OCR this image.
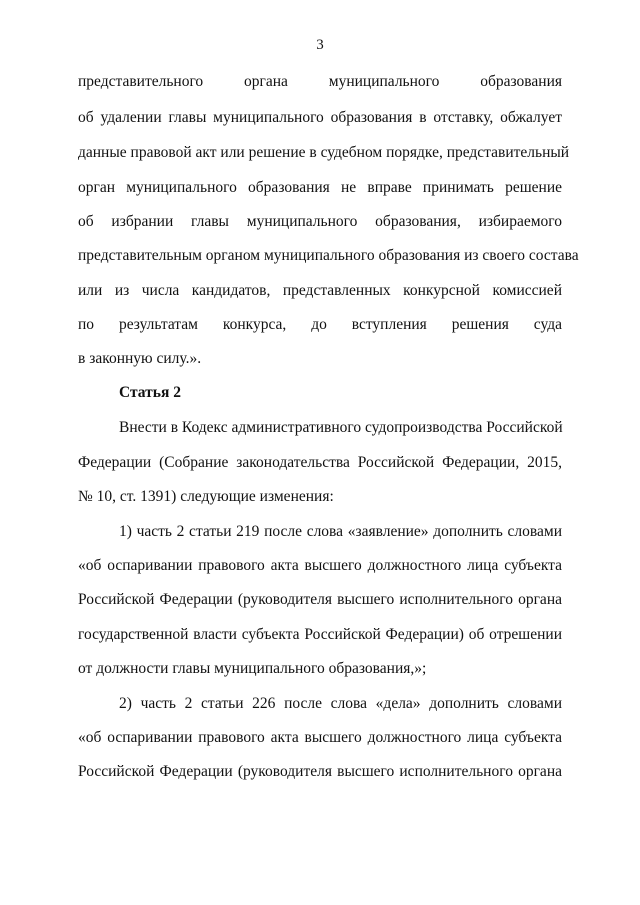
3
представительного органа муниципального образования
об удалении главы муниципального образования в отставку, обжалует
данные правовой акт или решение в судебном порядке, представительный
орган муниципального образования не вправе принимать решение
об избрании главы муниципального образования, избираемого
представительным органом муниципального образования из своего состава
или из числа кандидатов, представленных конкурсной комиссией
по результатам конкурса, до вступления решения суда
в законную силу.».
Статья 2
Внести в Кодекс административного судопроизводства Российской
Федерации (Собрание законодательства Российской Федерации, 2015,
№ 10, ст. 1391) следующие изменения:
1) часть 2 статьи 219 после слова «заявление» дополнить словами
«об оспаривании правового акта высшего должностного лица субъекта
Российской Федерации (руководителя высшего исполнительного органа
государственной власти субъекта Российской Федерации) об отрешении
от должности главы муниципального образования,»;
2) часть 2 статьи 226 после слова «дела» дополнить словами
«об оспаривании правового акта высшего должностного лица субъекта
Российской Федерации (руководителя высшего исполнительного органа
